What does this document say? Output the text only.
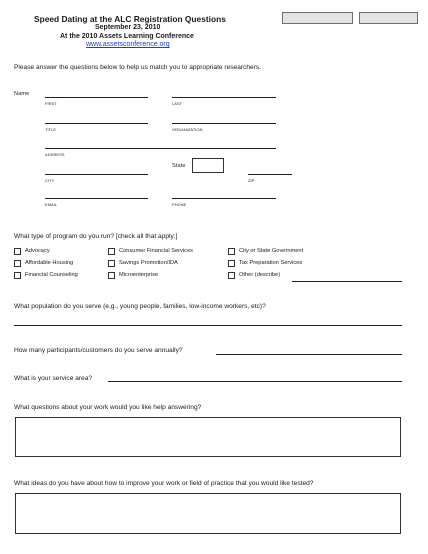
Speed Dating at the ALC Registration Questions
September 23, 2010
At the 2010 Assets Learning Conference
www.assetsconference.org
Please answer the questions below to help us match you to appropriate researchers.
Name
FIRST	LAST
TITLE	ORGANIZATION
ADDRESS
State
CITY	ZIP
EMAIL	PHONE
What type of program do you run? [check all that apply:]
Advocacy	Consumer Financial Services	City or State Government
Affordable Housing	Savings Promotion/IDA	Tax Preparation Services
Financial Counseling	Microenterprise	Other (describe)
What population do you serve (e.g., young people, families, low-income workers, etc)?
How many participants/customers do you serve annually?
What is your service area?
What questions about your work would you like help answering?
What ideas do you have about how to improve your work or field of practice that you would like tested?
